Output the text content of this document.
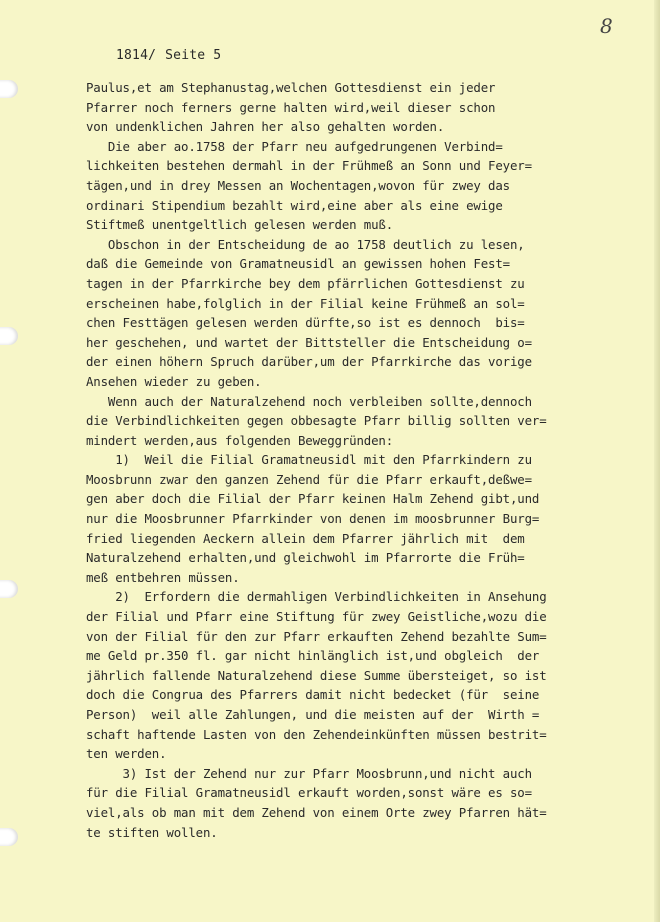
8
1814/ Seite 5
Paulus,et am Stephanustag,welchen Gottesdienst ein jeder
Pfarrer noch ferners gerne halten wird,weil dieser schon
von undenklichen Jahren her also gehalten worden.
Die aber ao.1758 der Pfarr neu aufgedrungenen Verbind=
lichkeiten bestehen dermahl in der Frühmeß an Sonn und Feyer=
tägen,und in drey Messen an Wochentagen,wovon für zwey das
ordinari Stipendium bezahlt wird,eine aber als eine ewige
Stiftmeß unentgeltlich gelesen werden muß.
Obschon in der Entscheidung de ao 1758 deutlich zu lesen,
daß die Gemeinde von Gramatneusidl an gewissen hohen Fest=
tagen in der Pfarrkirche bey dem pfärrlichen Gottesdienst zu
erscheinen habe,folglich in der Filial keine Frühmeß an sol=
chen Festtägen gelesen werden dürfte,so ist es dennoch  bis=
her geschehen, und wartet der Bittsteller die Entscheidung o=
der einen höhern Spruch darüber,um der Pfarrkirche das vorige
Ansehen wieder zu geben.
Wenn auch der Naturalzehend noch verbleiben sollte,dennoch
die Verbindlichkeiten gegen obbesagte Pfarr billig sollten ver=
mindert werden,aus folgenden Beweggründen:
1)  Weil die Filial Gramatneusidl mit den Pfarrkindern zu
Moosbrunn zwar den ganzen Zehend für die Pfarr erkauft,deßwe=
gen aber doch die Filial der Pfarr keinen Halm Zehend gibt,und
nur die Moosbrunner Pfarrkinder von denen im moosbrunner Burg=
fried liegenden Aeckern allein dem Pfarrer jährlich mit  dem
Naturalzehend erhalten,und gleichwohl im Pfarrorte die Früh=
meß entbehren müssen.
2)  Erfordern die dermahligen Verbindlichkeiten in Ansehung
der Filial und Pfarr eine Stiftung für zwey Geistliche,wozu die
von der Filial für den zur Pfarr erkauften Zehend bezahlte Sum=
me Geld pr.350 fl. gar nicht hinlänglich ist,und obgleich  der
jährlich fallende Naturalzehend diese Summe übersteiget, so ist
doch die Congrua des Pfarrers damit nicht bedecket (für  seine
Person)  weil alle Zahlungen, und die meisten auf der  Wirth =
schaft haftende Lasten von den Zehendeinkünften müssen bestrit=
ten werden.
3) Ist der Zehend nur zur Pfarr Moosbrunn,und nicht auch
für die Filial Gramatneusidl erkauft worden,sonst wäre es so=
viel,als ob man mit dem Zehend von einem Orte zwey Pfarren hät=
te stiften wollen.
